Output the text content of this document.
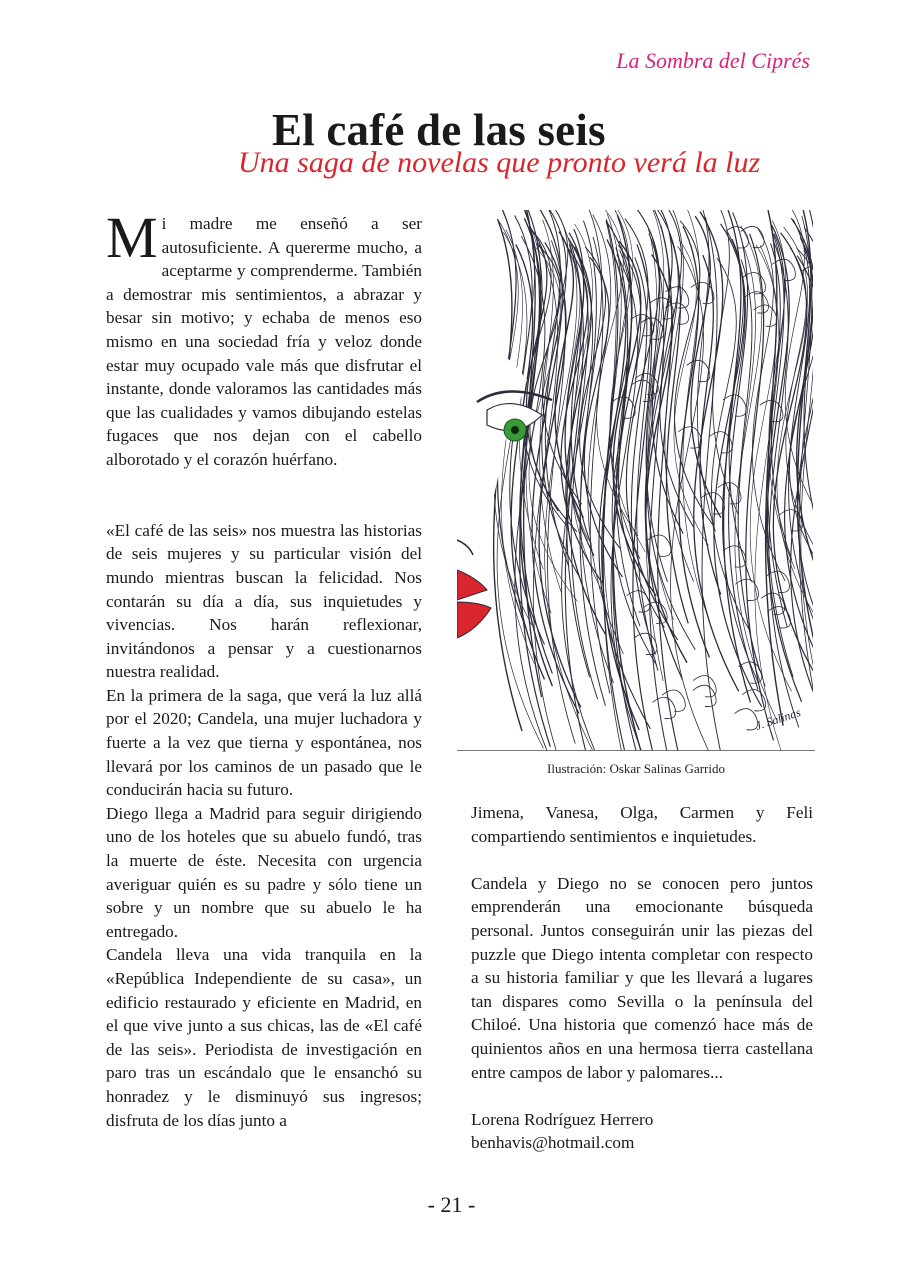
La Sombra del Ciprés
El café de las seis
Una saga de novelas que pronto verá la luz

Mi madre me enseñó a ser autosuficiente. A quererme mucho, a aceptarme y comprenderme. También a demostrar mis sentimientos, a abrazar y besar sin motivo; y echaba de menos eso mismo en una sociedad fría y veloz donde estar muy ocupado vale más que disfrutar el instante, donde valoramos las cantidades más que las cualidades y vamos dibujando estelas fugaces que nos dejan con el cabello alborotado y el corazón huérfano.

«El café de las seis» nos muestra las historias de seis mujeres y su particular visión del mundo mientras buscan la felicidad. Nos contarán su día a día, sus inquietudes y vivencias. Nos harán reflexionar, invitándonos a pensar y a cuestionarnos nuestra realidad.

En la primera de la saga, que verá la luz allá por el 2020; Candela, una mujer luchadora y fuerte a la vez que tierna y espontánea, nos llevará por los caminos de un pasado que le conducirán hacia su futuro.

Diego llega a Madrid para seguir dirigiendo uno de los hoteles que su abuelo fundó, tras la muerte de éste. Necesita con urgencia averiguar quién es su padre y sólo tiene un sobre y un nombre que su abuelo le ha entregado.

Candela lleva una vida tranquila en la «República Independiente de su casa», un edificio restaurado y eficiente en Madrid, en el que vive junto a sus chicas, las de «El café de las seis». Periodista de investigación en paro tras un escándalo que le ensanchó su honradez y le disminuyó sus ingresos; disfruta de los días junto a

J. Salinas
Ilustración: Oskar Salinas Garrido

Jimena, Vanesa, Olga, Carmen y Feli compartiendo sentimientos e inquietudes.

Candela y Diego no se conocen pero juntos emprenderán una emocionante búsqueda personal. Juntos conseguirán unir las piezas del puzzle que Diego intenta completar con respecto a su historia familiar y que les llevará a lugares tan dispares como Sevilla o la península del Chiloé. Una historia que comenzó hace más de quinientos años en una hermosa tierra castellana entre campos de labor y palomares...

Lorena Rodríguez Herrero

benhavis@hotmail.com

- 21 -
